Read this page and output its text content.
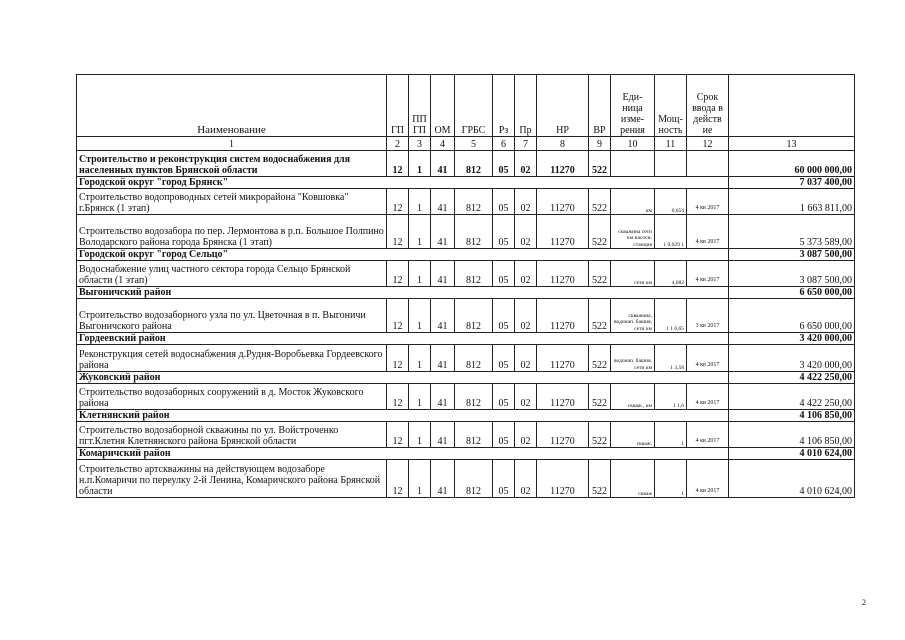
Наименование	ГП	ПП ГП	ОМ	ГРБС	Рз	Пр	НР	ВР	Еди-ница изме-рения	Мощ-ность	Срок ввода в действ ие	
1	2	3	4	5	6	7	8	9	10	11	12	13
Строительство и реконструкция систем водоснабжения для населенных пунктов Брянской области	12	1	41	812	05	02	11270	522				60 000 000,00
Городской округ "город Брянск"												7 037 400,00
Строительство водопроводных сетей микрорайона "Ковшовка" г.Брянск (1 этап)	12	1	41	812	05	02	11270	522	км	0,654	4 кв 2017	1 663 811,00
Строительство водозабора по пер. Лермонтова в р.п. Большое Полпино Володарского района города Брянска (1 этап)	12	1	41	812	05	02	11270	522	скважина сети км насосн. станция	1 0,029 1	4 кв 2017	5 373 589,00
Городской округ "город Сельцо"												3 087 500,00
Водоснабжение улиц частного сектора города Сельцо Брянской области (1 этап)	12	1	41	812	05	02	11270	522	сети км	4,682	4 кв 2017	3 087 500,00
Выгоничский район												6 650 000,00
Строительство водозаборного узла по ул. Цветочная в п. Выгоничи Выгоничского района	12	1	41	812	05	02	11270	522	скважина, водонап. башня, сети км	1 1 0,65	3 кв 2017	6 650 000,00
Гордеевский район												3 420 000,00
Реконструкция сетей водоснабжения д.Рудня-Воробьевка Гордеевского района	12	1	41	812	05	02	11270	522	водонап. башня, сети км	1 3,58	4 кв 2017	3 420 000,00
Жуковский район												4 422 250,00
Строительство водозаборных сооружений в д. Мосток Жуковского района	12	1	41	812	05	02	11270	522	скваж., км	1 1,6	4 кв 2017	4 422 250,00
Клетнянский район												4 106 850,00
Строительство водозаборной скважины по ул. Войстроченко пгт.Клетня Клетнянского района Брянской области	12	1	41	812	05	02	11270	522	скваж.	1	4 кв 2017	4 106 850,00
Комаричский район												4 010 624,00
Строительство артскважины на действующем водозаборе н.п.Комаричи по переулку 2-й Ленина, Комаричского района Брянской области	12	1	41	812	05	02	11270	522	скваж	1	4 кв 2017	4 010 624,00
2
